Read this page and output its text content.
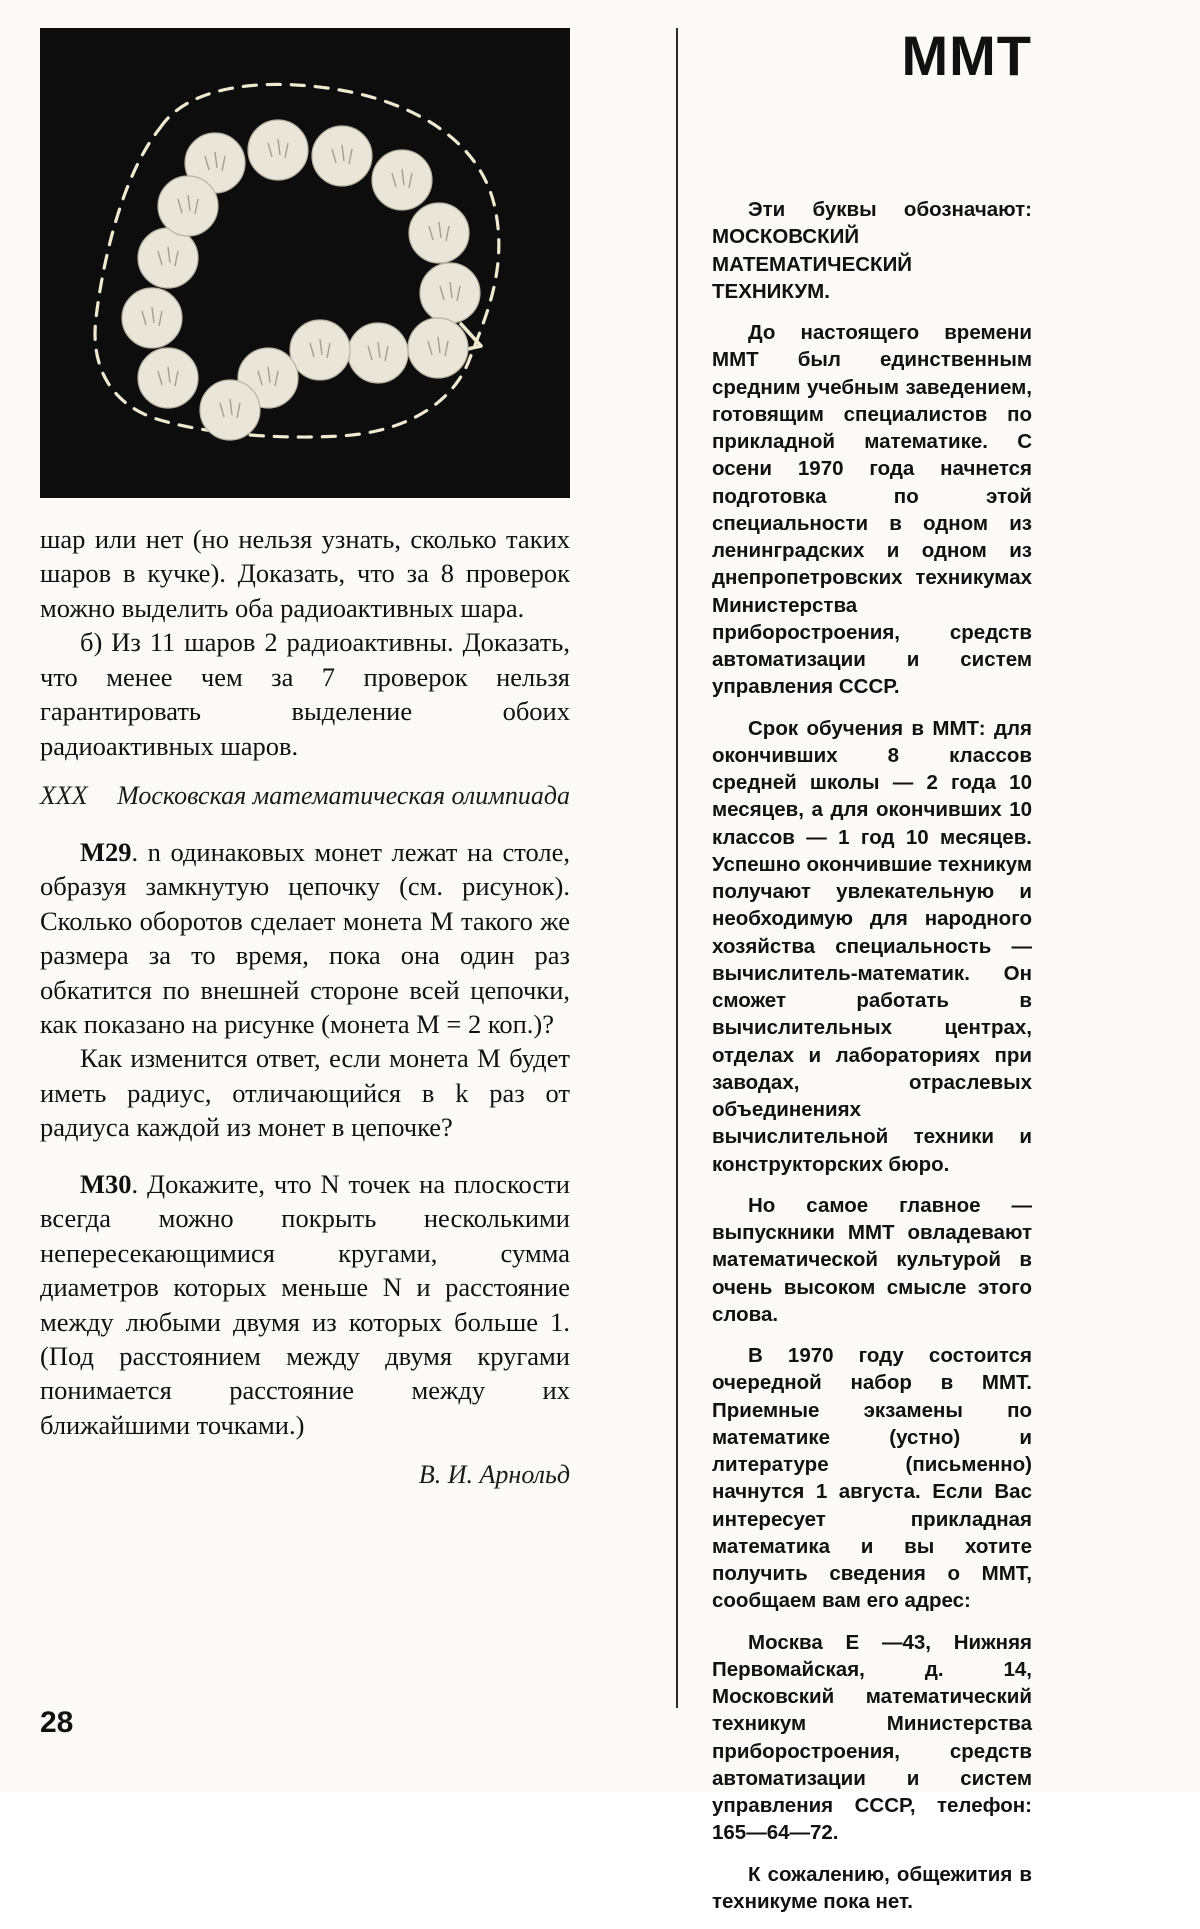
шар или нет (но нельзя узнать, сколько таких шаров в кучке). Доказать, что за 8 проверок можно выделить оба радиоактивных шара.

б) Из 11 шаров 2 радиоактивны. Доказать, что менее чем за 7 проверок нельзя гарантировать выделение обоих радиоактивных шаров.

XXX Московская математическая олимпиада

M29. n одинаковых монет лежат на столе, образуя замкнутую цепочку (см. рисунок). Сколько оборотов сделает монета M такого же размера за то время, пока она один раз обкатится по внешней стороне всей цепочки, как показано на рисунке (монета M = 2 коп.)?

Как изменится ответ, если монета M будет иметь радиус, отличающийся в k раз от радиуса каждой из монет в цепочке?

M30. Докажите, что N точек на плоскости всегда можно покрыть несколькими непересекающимися кругами, сумма диаметров которых меньше N и расстояние между любыми двумя из которых больше 1. (Под расстоянием между двумя кругами понимается расстояние между их ближайшими точками.)

В. И. Арнольд
ММТ

Эти буквы обозначают: МОСКОВСКИЙ МАТЕМАТИЧЕСКИЙ ТЕХНИКУМ.

До настоящего времени ММТ был единственным средним учебным заведением, готовящим специалистов по прикладной математике. С осени 1970 года начнется подготовка по этой специальности в одном из ленинградских и одном из днепропетровских техникумах Министерства приборостроения, средств автоматизации и систем управления СССР.

Срок обучения в ММТ: для окончивших 8 классов средней школы — 2 года 10 месяцев, а для окончивших 10 классов — 1 год 10 месяцев. Успешно окончившие техникум получают увлекательную и необходимую для народного хозяйства специальность — вычислитель-математик. Он сможет работать в вычислительных центрах, отделах и лабораториях при заводах, отраслевых объединениях вычислительной техники и конструкторских бюро.

Но самое главное — выпускники ММТ овладевают математической культурой в очень высоком смысле этого слова.

В 1970 году состоится очередной набор в ММТ. Приемные экзамены по математике (устно) и литературе (письменно) начнутся 1 августа. Если Вас интересует прикладная математика и вы хотите получить сведения о ММТ, сообщаем вам его адрес:

Москва Е —43, Нижняя Первомайская, д. 14, Московский математический техникум Министерства приборостроения, средств автоматизации и систем управления СССР, телефон: 165—64—72.

К сожалению, общежития в техникуме пока нет.

28
